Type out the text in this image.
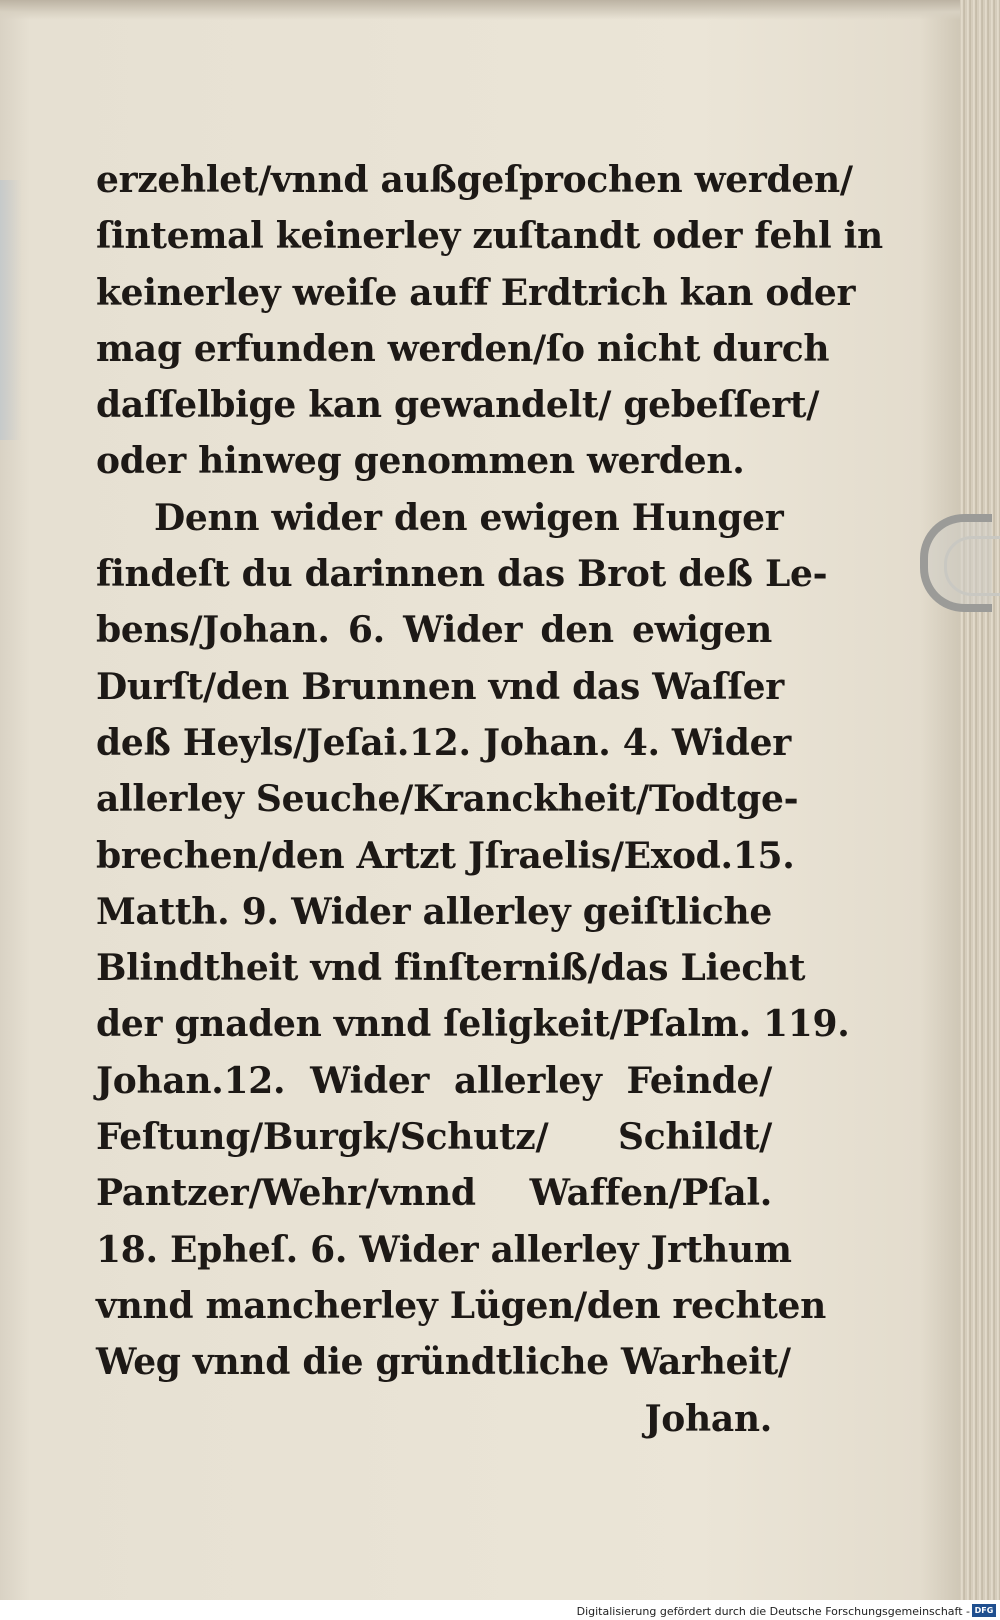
erzehlet/vnnd außgeſprochen werden/
ſintemal keinerley zuſtandt oder fehl in
keinerley weiſe auff Erdtrich kan oder
mag erfunden werden/ſo nicht durch
daſſelbige kan gewandelt/ gebeſſert/
oder hinweg genommen werden.
Denn wider den ewigen Hunger
findeſt du darinnen das Brot deß Le-
bens/Johan. 6. Wider den ewigen
Durſt/den Brunnen vnd das Waſſer
deß Heyls/Jeſai.12. Johan. 4. Wider
allerley Seuche/Kranckheit/Todtge-
brechen/den Artzt Jſraelis/Exod.15.
Matth. 9. Wider allerley geiſtliche
Blindtheit vnd finſterniß/das Liecht
der gnaden vnnd ſeligkeit/Pſalm. 119.
Johan.12. Wider allerley Feinde/
Feſtung/Burgk/Schutz/ Schildt/
Pantzer/Wehr/vnnd Waffen/Pſal.
18. Epheſ. 6. Wider allerley Jrthum
vnnd mancherley Lügen/den rechten
Weg vnnd die gründtliche Warheit/
Johan.
Digitalisierung gefördert durch die Deutsche Forschungsgemeinschaft - DFG
